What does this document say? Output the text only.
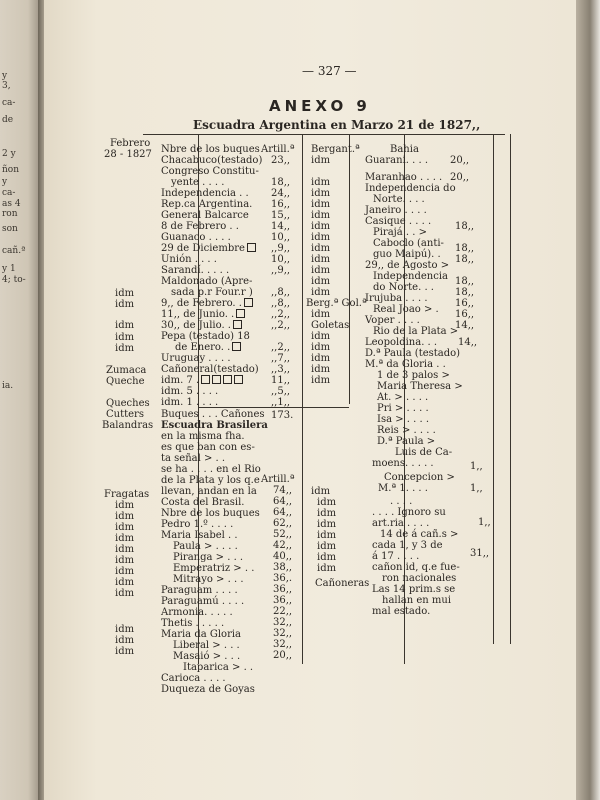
y
3,
ca-
de
2 y
ñon
y
ca-
as 4
ron
son
cañ.ª
y 1
4; to-
ia.
— 327 —
ANEXO 9
Escuadra Argentina en Marzo 21 de 1827,,
Febrero
28 - 1827
idm
idm
idm
idm
idm
Zumaca
Queche
Queches
Cutters
Balandras
Fragatas
idm
idm
idm
idm
idm
idm
idm
idm
idm
idm
idm
idm
Nbre de los buques
Chacabuco(testado)
Congreso Constitu-
yente . . . .
Independencia . .
Rep.ca Argentina.
General Balcarce
8 de Febrero . .
Guanaco . . . .
29 de Diciembre
Unión . . . .
Sarandí. . . . .
Maldonado (Apre-
sada p.r Four.r )
9,, de Febrero. .
11,, de Junio. .
30,, de Julio. .
Pepa (testado) 18
de Enero. .
Uruguay . . . .
Cañoneral(testado)
idm. 7 .
idm. 5 . . . .
idm. 1 . . . .
Buques . . . Cañones
Escuadra Brasilera
en la misma fha.
es que ban con es-
ta señal > . .
se ha . . . . en el Rio
de la Plata y los q.e
llevan, andan en la
Costa del Brasil.
Nbre de los buques
Pedro 1.º . . . .
Maria Isabel . .
Paula > . . . .
Piranga > . . .
Emperatriz > . .
Mitrayo > . . .
Paraguam . . . .
Paraguamú . . . .
Armonia. . . . .
Thetis . . . . .
Maria da Gloria
Liberal > . . .
Masaió > . . .
Itaparica > . .
Carioca . . . .
Duqueza de Goyas
Artill.ª
23,,
18,,
24,,
16,,
15,,
14,,
10,,
,,9,,
10,,
,,9,,
,,8,,
,,8,,
,,2,,
,,2,,
,,2,,
,,7,,
,,3,,
11,,
,,5,,
,,1,,
173.
Artill.ª
74,,
64,,
64,,
62,,
52,,
42,,
40,,
38,,
36,.
36,,
36,,
22,,
32,,
32,,
32,,
20,,
Bergant.ª
idm
idm
idm
idm
idm
idm
idm
idm
idm
idm
idm
idm
Berg.ª Gol.ª
idm
Goletas
idm
idm
idm
idm
idm
idm
idm
idm
idm
idm
idm
idm
idm
Cañoneras
Bahia
Guarani. . . .
Maranhao . . . .
Independencia do
Norte. . . .
Janeiro . . . .
Casique . . . .
Pirajá . . >
Caboclo (anti-
guo Maipú). .
29,, de Agosto >
Independencia
do Norte. . .
Irujuba . . . .
Real Joao > .
Voper . . . .
Rio de la Plata >
Leopoldina. . .
D.ª Paula (testado)
M.ª da Gloria . .
1 de 3 palos >
Maria Theresa >
At. > . . . .
Pri > . . . .
Isa > . . . .
Reis > . . . .
D.ª Paula >
Luis de Ca-
moens. . . . .
Concepcion >
M.ª 1. . . .
. . . .
. . . . Ignoro su
art.ria . . . .
14 de á cañ.s >
cada 1, y 3 de
á 17 . . . .
cañon id, q.e fue-
ron nacionales
Las 14 prim.s se
hallan en mui
mal estado.
20,,
20,,
18,,
18,,
18,,
18,,
18,,
16,,
16,,
14,,
14,,
1,,
1,,
1,,
31,,
